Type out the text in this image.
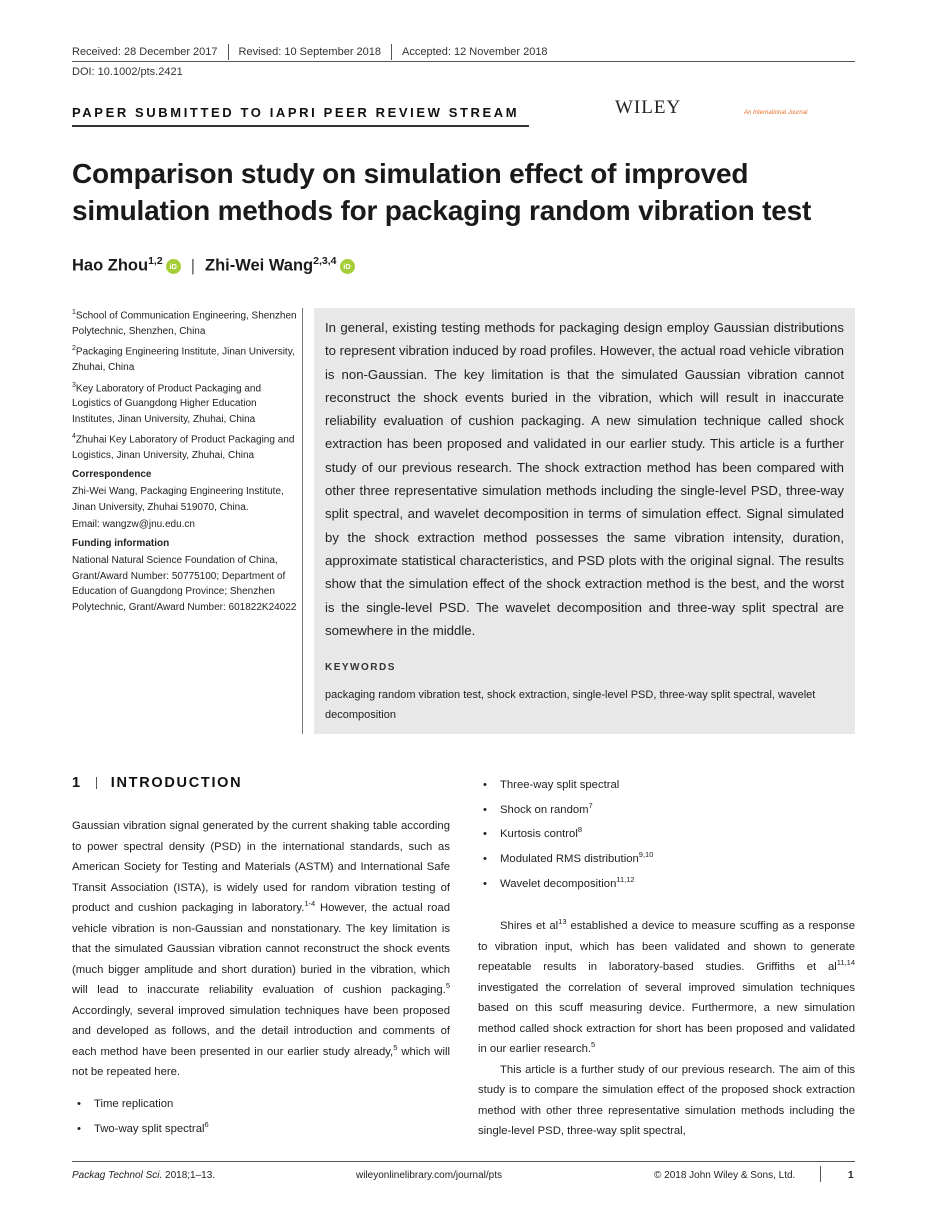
Received: 28 December 2017 Revised: 10 September 2018 Accepted: 12 November 2018
DOI: 10.1002/pts.2421
PAPER SUBMITTED TO IAPRI PEER REVIEW STREAM	WILEY	An International Journal
Comparison study on simulation effect of improved simulation methods for packaging random vibration test
Hao Zhou$^{1,2}$ iD | Zhi-Wei Wang$^{2,3,4}$ iD

$^1$School of Communication Engineering, Shenzhen Polytechnic, Shenzhen, China

$^2$Packaging Engineering Institute, Jinan University, Zhuhai, China

$^3$Key Laboratory of Product Packaging and Logistics of Guangdong Higher Education Institutes, Jinan University, Zhuhai, China

$^4$Zhuhai Key Laboratory of Product Packaging and Logistics, Jinan University, Zhuhai, China

Correspondence

Zhi-Wei Wang, Packaging Engineering Institute, Jinan University, Zhuhai 519070, China.

Email: wangzw@jnu.edu.cn

Funding information

National Natural Science Foundation of China, Grant/Award Number: 50775100; Department of Education of Guangdong Province; Shenzhen Polytechnic, Grant/Award Number: 601822K24022

In general, existing testing methods for packaging design employ Gaussian distributions to represent vibration induced by road profiles. However, the actual road vehicle vibration is non-Gaussian. The key limitation is that the simulated Gaussian vibration cannot reconstruct the shock events buried in the vibration, which will result in inaccurate reliability evaluation of cushion packaging. A new simulation technique called shock extraction has been proposed and validated in our earlier study. This article is a further study of our previous research. The shock extraction method has been compared with other three representative simulation methods including the single-level PSD, three-way split spectral, and wavelet decomposition in terms of simulation effect. Signal simulated by the shock extraction method possesses the same vibration intensity, duration, approximate statistical characteristics, and PSD plots with the original signal. The results show that the simulation effect of the shock extraction method is the best, and the worst is the single-level PSD. The wavelet decomposition and three-way split spectral are somewhere in the middle.
KEYWORDS
packaging random vibration test, shock extraction, single-level PSD, three-way split spectral, wavelet decomposition
1 INTRODUCTION

Gaussian vibration signal generated by the current shaking table according to power spectral density (PSD) in the international standards, such as American Society for Testing and Materials (ASTM) and International Safe Transit Association (ISTA), is widely used for random vibration testing of product and cushion packaging in laboratory.$^{1-4}$ However, the actual road vehicle vibration is non-Gaussian and nonstationary. The key limitation is that the simulated Gaussian vibration cannot reconstruct the shock events (much bigger amplitude and short duration) buried in the vibration, which will lead to inaccurate reliability evaluation of cushion packaging.$^5$ Accordingly, several improved simulation techniques have been proposed and developed as follows, and the detail introduction and comments of each method have been presented in our earlier study already,$^5$ which will not be repeated here.

• Time replication
• Two-way split spectral$^6$
• Three-way split spectral
• Shock on random$^7$
• Kurtosis control$^8$
• Modulated RMS distribution$^{9,10}$
• Wavelet decomposition$^{11,12}$

Shires et $al^{13}$ established a device to measure scuffing as a response to vibration input, which has been validated and shown to generate repeatable results in laboratory-based studies. Griffiths et al$^{11,14}$ investigated the correlation of several improved simulation techniques based on this scuff measuring device. Furthermore, a new simulation method called shock extraction for short has been proposed and validated in our earlier research.$^5$

This article is a further study of our previous research. The aim of this study is to compare the simulation effect of the proposed shock extraction method with other three representative simulation methods including the single-level PSD, three-way split spectral,

Packag Technol Sci. 2018;1–13.	wileyonlinelibrary.com/journal/pts	© 2018 John Wiley & Sons, Ltd.	1
